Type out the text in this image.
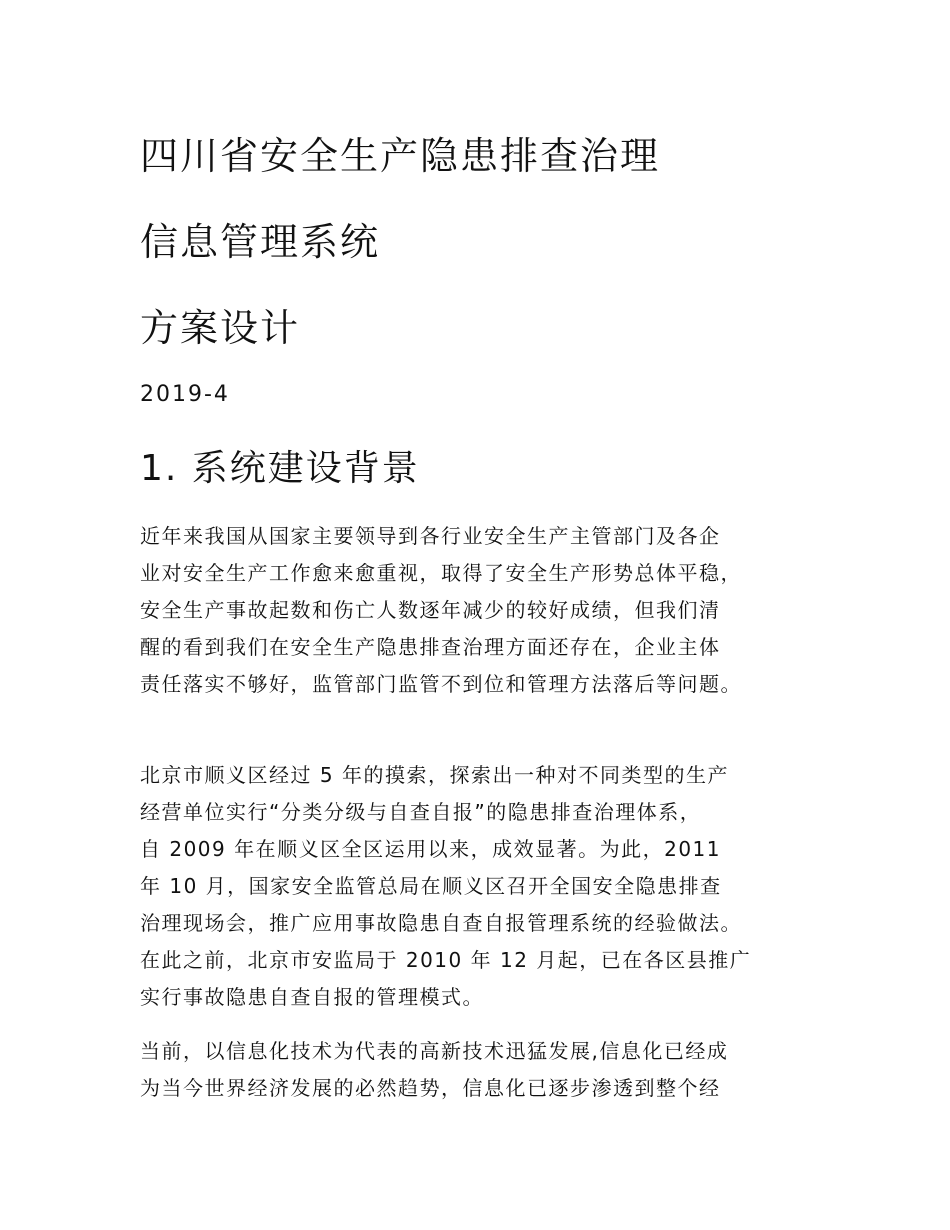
四川省安全生产隐患排查治理
信息管理系统
方案设计
2019-4
1. 系统建设背景
近年来我国从国家主要领导到各行业安全生产主管部门及各企
业对安全生产工作愈来愈重视，取得了安全生产形势总体平稳，
安全生产事故起数和伤亡人数逐年减少的较好成绩，但我们清
醒的看到我们在安全生产隐患排查治理方面还存在，企业主体
责任落实不够好，监管部门监管不到位和管理方法落后等问题。
北京市顺义区经过 5 年的摸索，探索出一种对不同类型的生产
经营单位实行“分类分级与自查自报”的隐患排查治理体系，
自 2009 年在顺义区全区运用以来，成效显著。为此，2011
年 10 月，国家安全监管总局在顺义区召开全国安全隐患排查
治理现场会，推广应用事故隐患自查自报管理系统的经验做法。
在此之前，北京市安监局于 2010 年 12 月起，已在各区县推广
实行事故隐患自查自报的管理模式。
当前，以信息化技术为代表的高新技术迅猛发展,信息化已经成
为当今世界经济发展的必然趋势，信息化已逐步渗透到整个经
